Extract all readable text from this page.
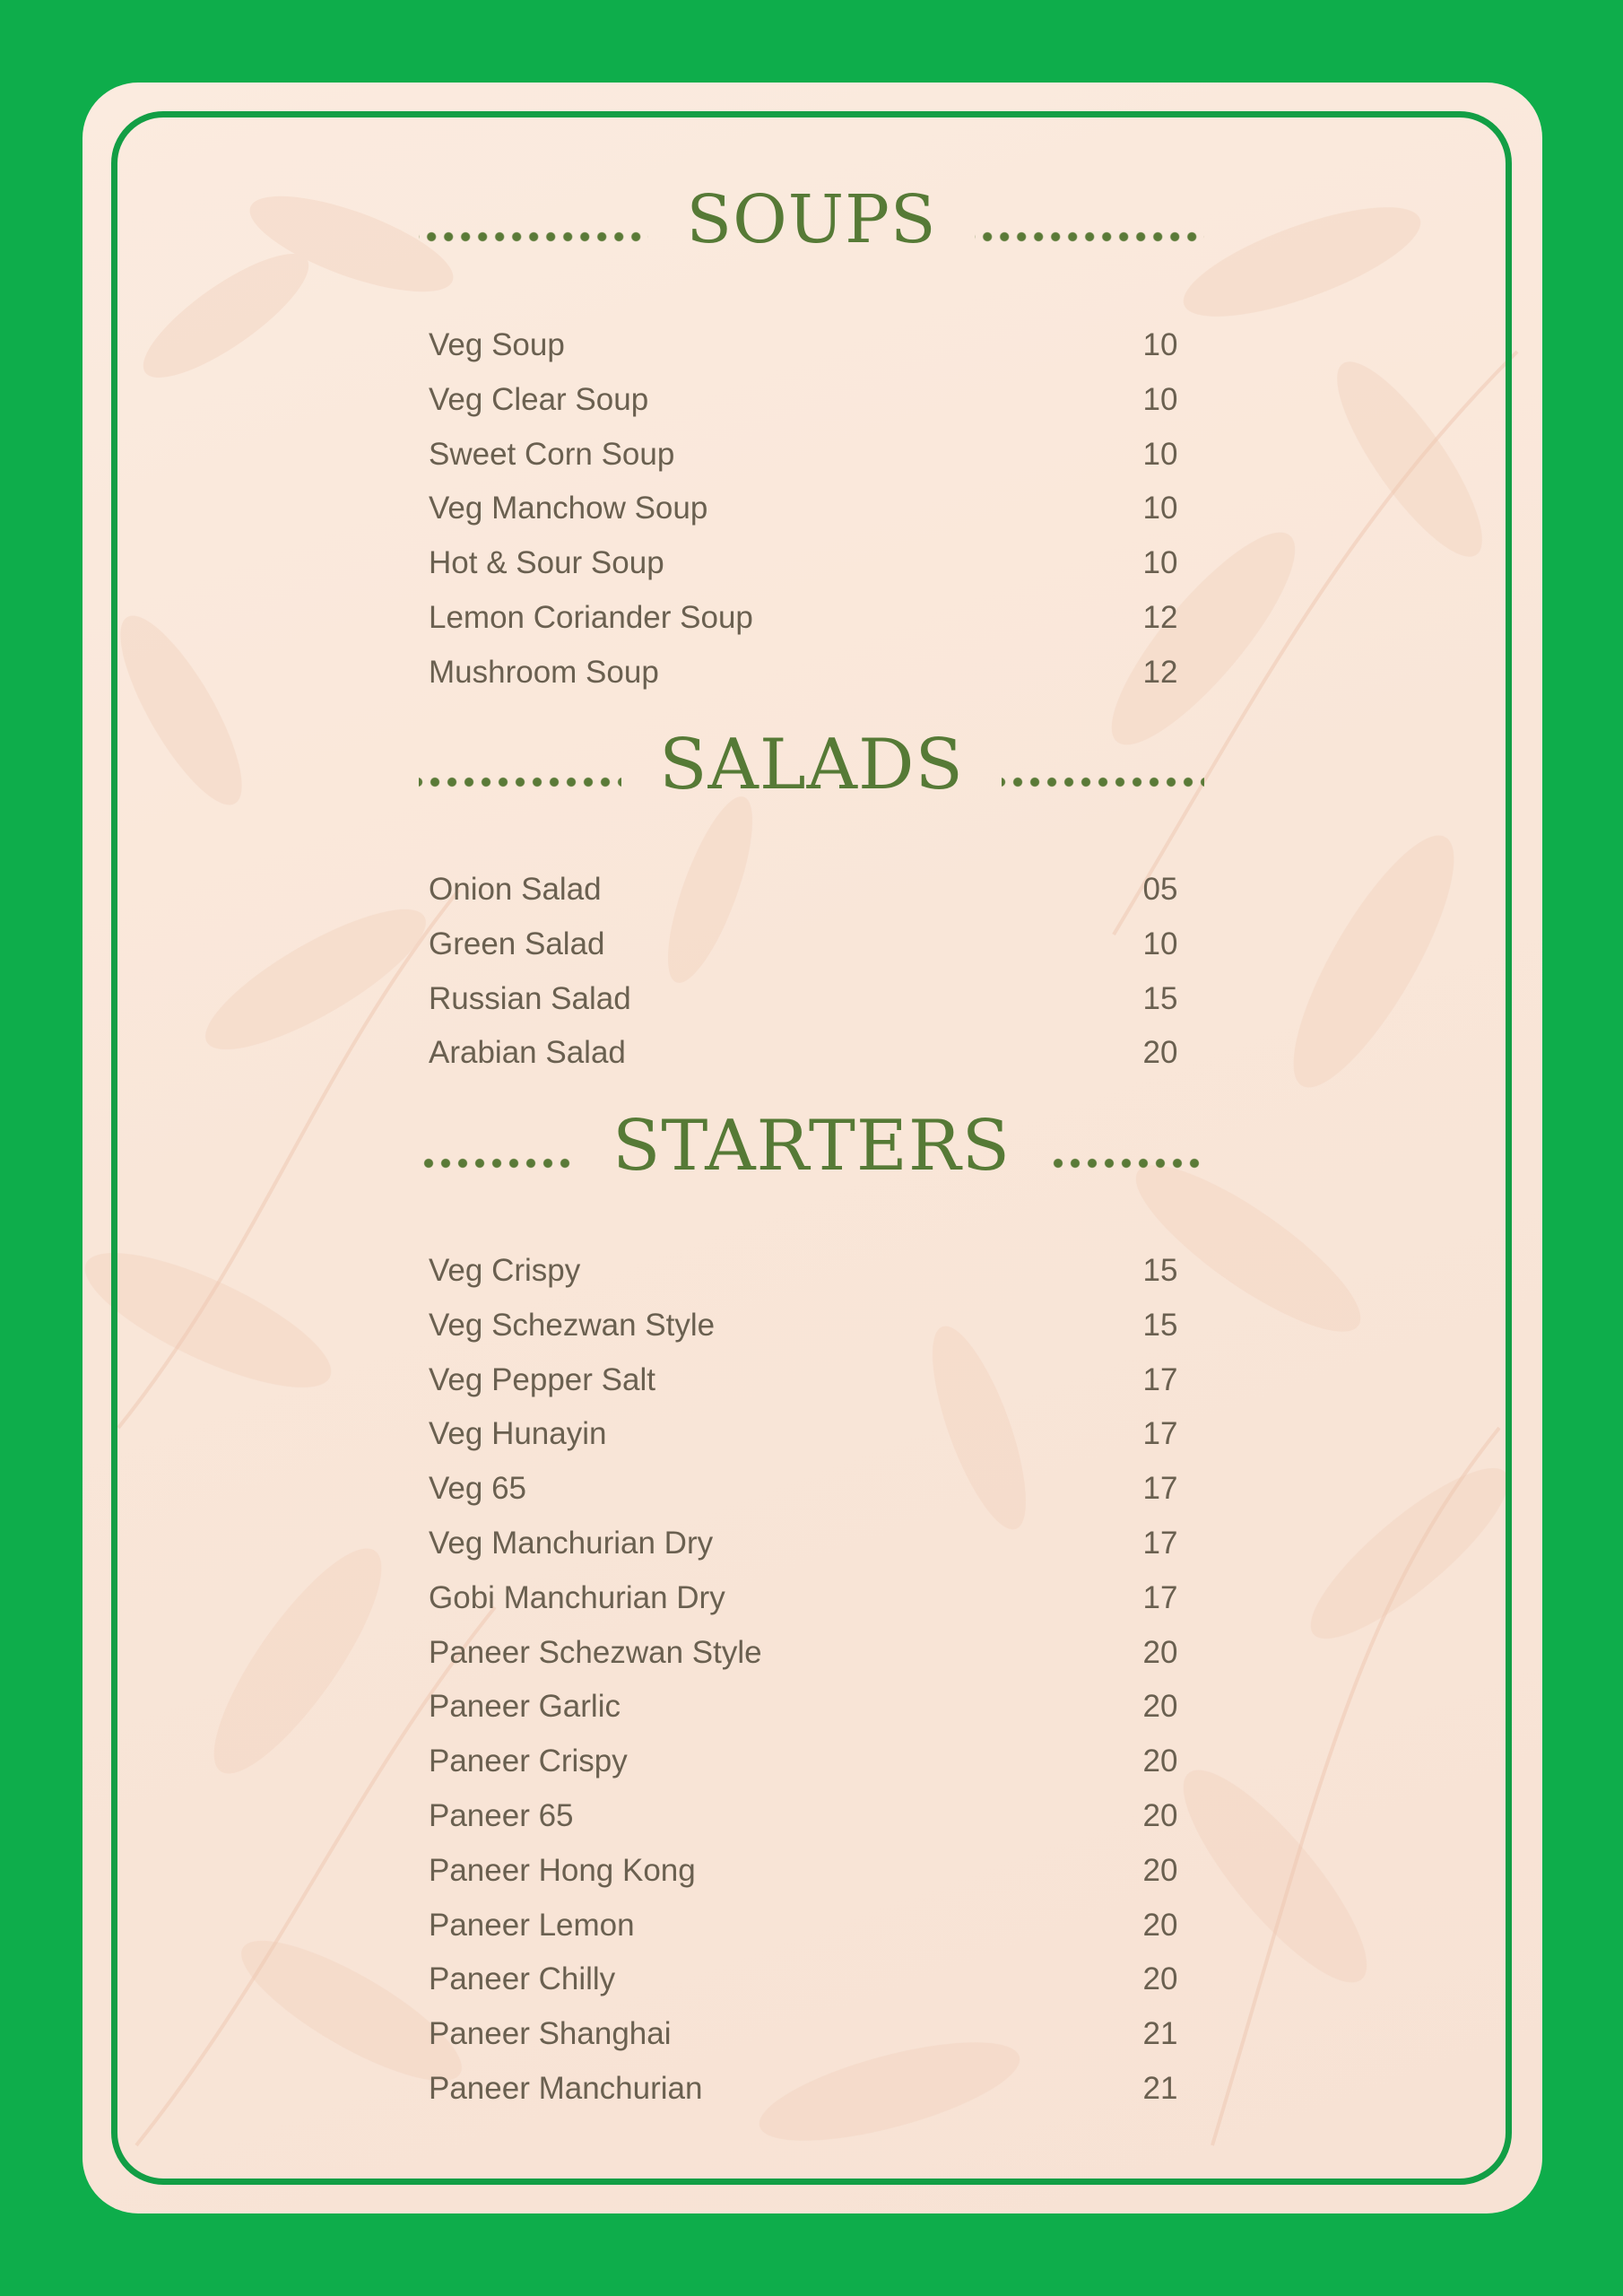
SOUPS
Veg Soup	10
Veg Clear Soup	10
Sweet Corn Soup	10
Veg Manchow Soup	10
Hot & Sour Soup	10
Lemon Coriander Soup	12
Mushroom Soup	12
SALADS
Onion Salad	05
Green Salad	10
Russian Salad	15
Arabian Salad	20
STARTERS
Veg Crispy	15
Veg Schezwan Style	15
Veg Pepper Salt	17
Veg Hunayin	17
Veg 65	17
Veg Manchurian Dry	17
Gobi Manchurian Dry	17
Paneer Schezwan Style	20
Paneer Garlic	20
Paneer Crispy	20
Paneer 65	20
Paneer Hong Kong	20
Paneer Lemon	20
Paneer Chilly	20
Paneer Shanghai	21
Paneer Manchurian	21
